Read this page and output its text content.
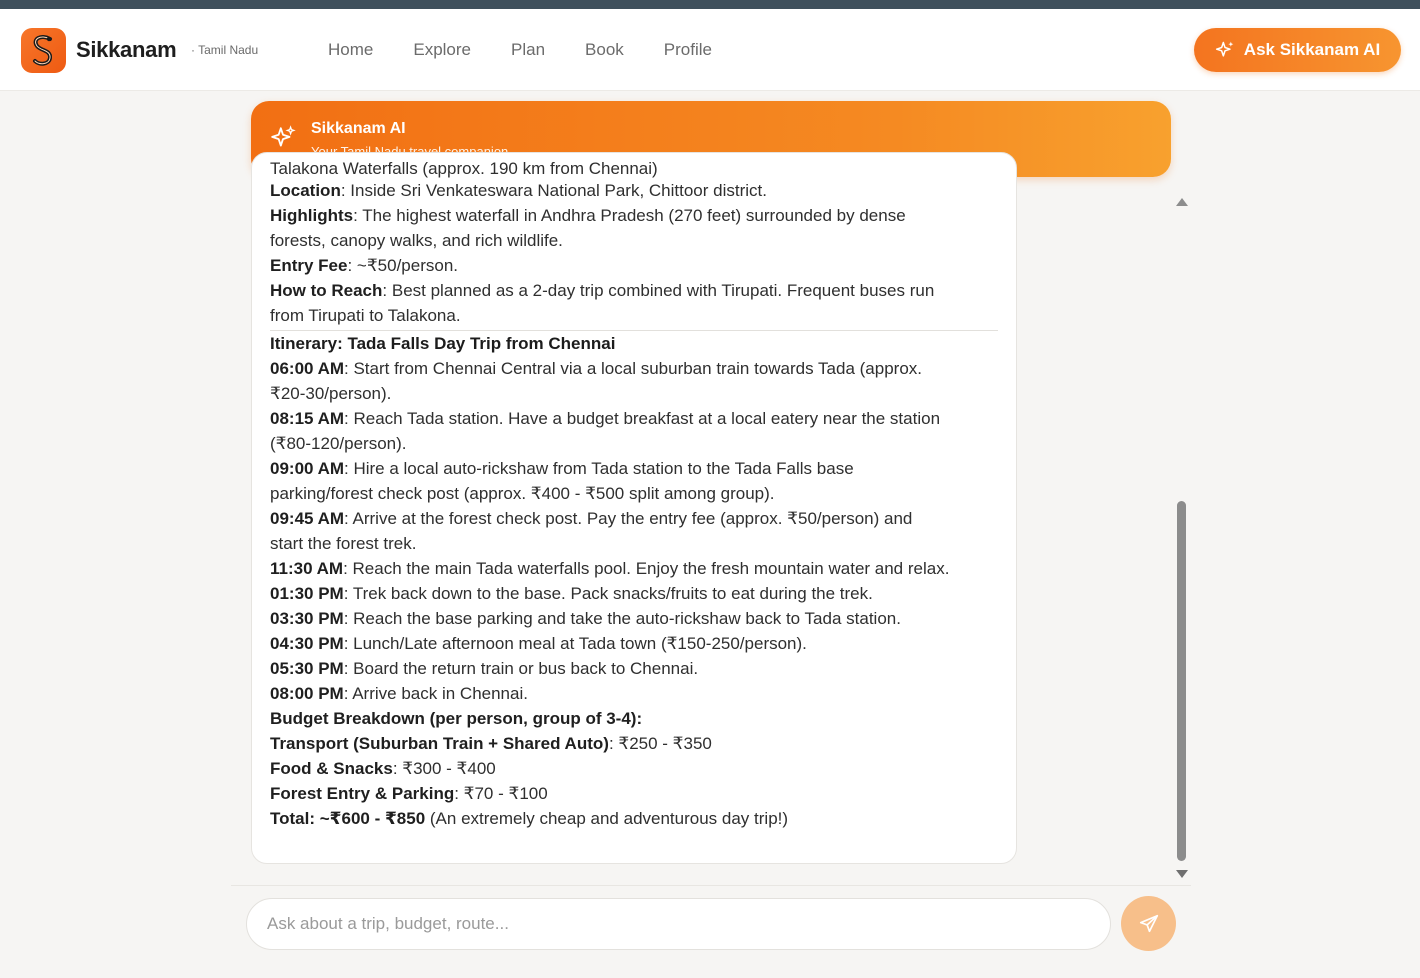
Sikkanam · Tamil Nadu	Home Explore Plan Book Profile	Ask Sikkanam AI
Sikkanam AI
Talakona Waterfalls (approx. 190 km from Chennai)
Location: Inside Sri Venkateswara National Park, Chittoor district.
Highlights: The highest waterfall in Andhra Pradesh (270 feet) surrounded by dense
forests, canopy walks, and rich wildlife.
Entry Fee: ~₹50/person.
How to Reach: Best planned as a 2-day trip combined with Tirupati. Frequent buses run
from Tirupati to Talakona.
Itinerary: Tada Falls Day Trip from Chennai
06:00 AM: Start from Chennai Central via a local suburban train towards Tada (approx.
₹20-30/person).
08:15 AM: Reach Tada station. Have a budget breakfast at a local eatery near the station
(₹80-120/person).
09:00 AM: Hire a local auto-rickshaw from Tada station to the Tada Falls base
parking/forest check post (approx. ₹400 - ₹500 split among group).
09:45 AM: Arrive at the forest check post. Pay the entry fee (approx. ₹50/person) and
start the forest trek.
11:30 AM: Reach the main Tada waterfalls pool. Enjoy the fresh mountain water and relax.
01:30 PM: Trek back down to the base. Pack snacks/fruits to eat during the trek.
03:30 PM: Reach the base parking and take the auto-rickshaw back to Tada station.
04:30 PM: Lunch/Late afternoon meal at Tada town (₹150-250/person).
05:30 PM: Board the return train or bus back to Chennai.
08:00 PM: Arrive back in Chennai.
Budget Breakdown (per person, group of 3-4):
Transport (Suburban Train + Shared Auto): ₹250 - ₹350
Food & Snacks: ₹300 - ₹400
Forest Entry & Parking: ₹70 - ₹100
Total: ~₹600 - ₹850 (An extremely cheap and adventurous day trip!)
Ask about a trip, budget, route...
